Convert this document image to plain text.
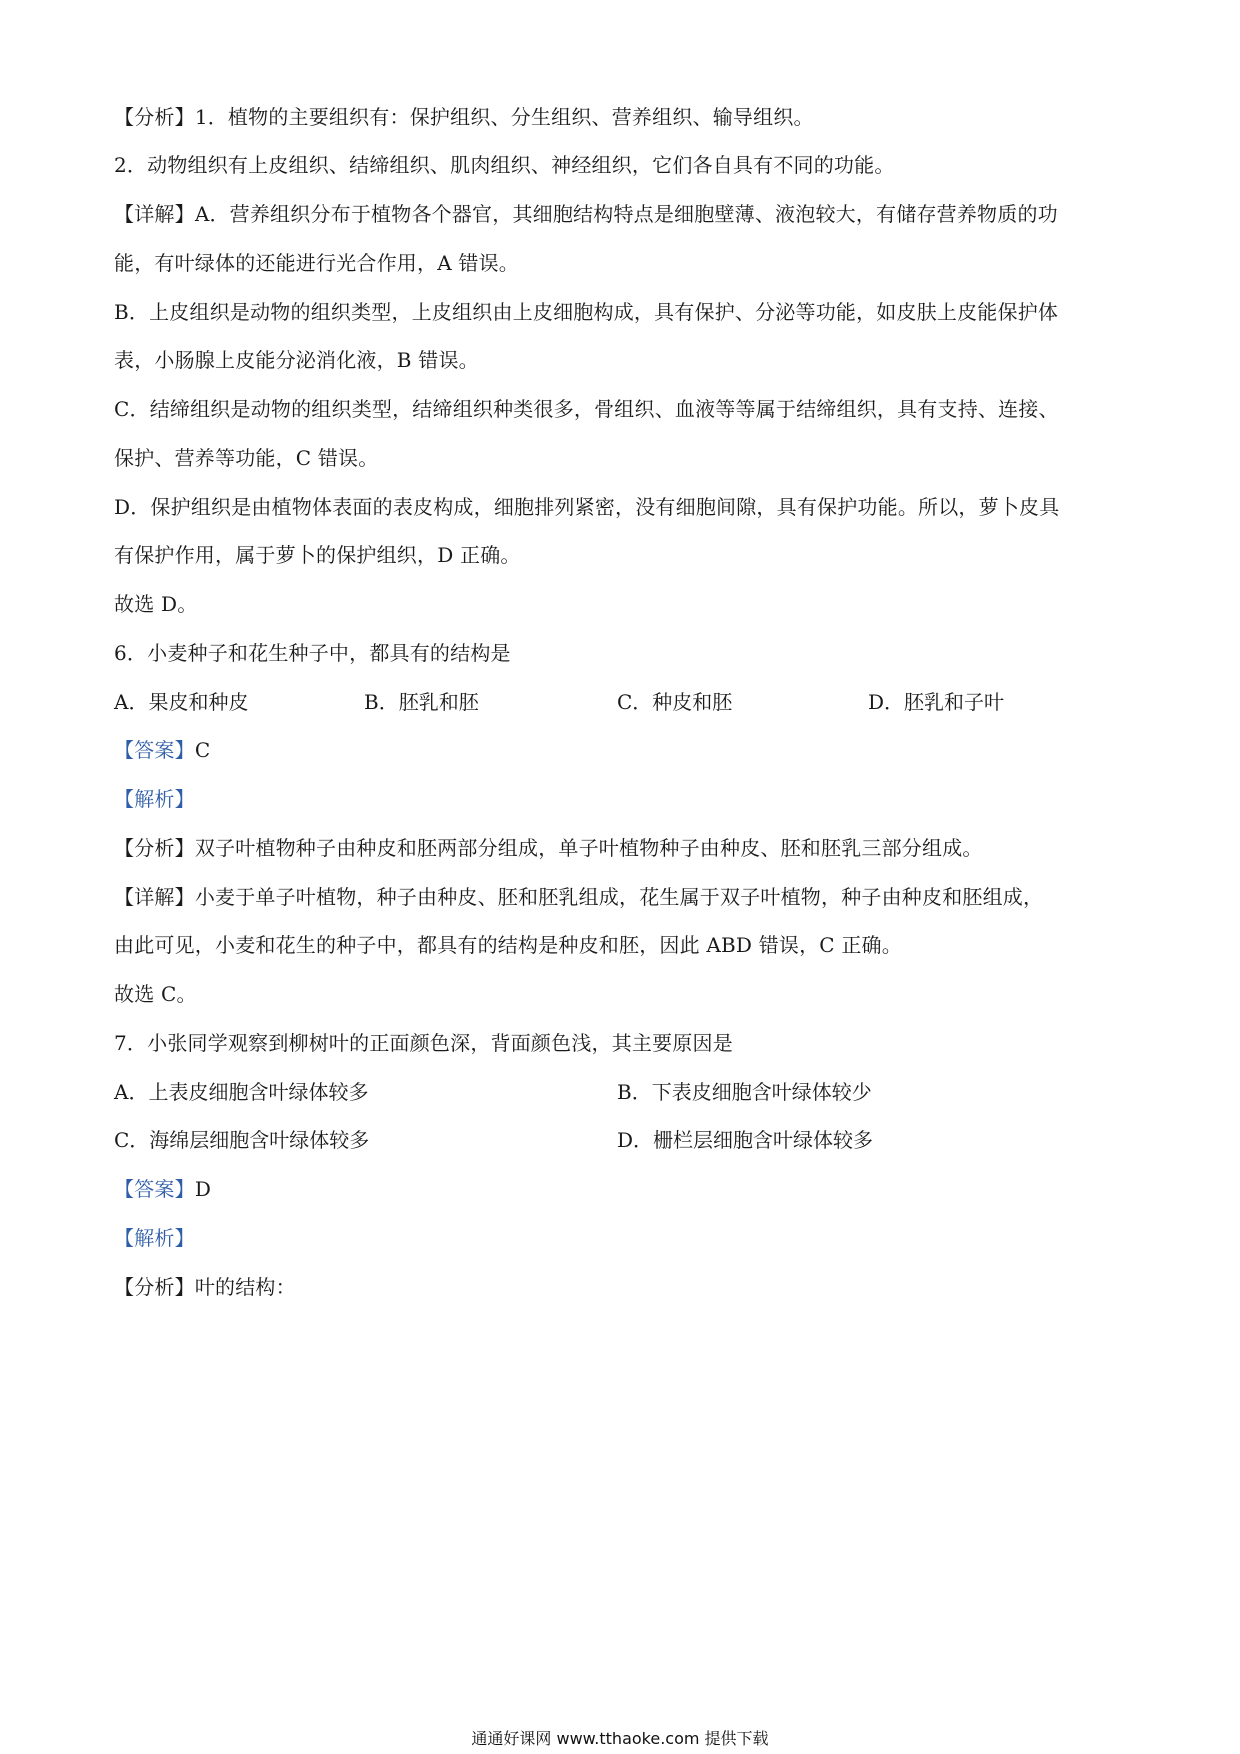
【分析】1．植物的主要组织有：保护组织、分生组织、营养组织、输导组织。
2．动物组织有上皮组织、结缔组织、肌肉组织、神经组织，它们各自具有不同的功能。
【详解】A．营养组织分布于植物各个器官，其细胞结构特点是细胞壁薄、液泡较大，有储存营养物质的功
能，有叶绿体的还能进行光合作用，A 错误。
B．上皮组织是动物的组织类型，上皮组织由上皮细胞构成，具有保护、分泌等功能，如皮肤上皮能保护体
表，小肠腺上皮能分泌消化液，B 错误。
C．结缔组织是动物的组织类型，结缔组织种类很多，骨组织、血液等等属于结缔组织，具有支持、连接、
保护、营养等功能，C 错误。
D．保护组织是由植物体表面的表皮构成，细胞排列紧密，没有细胞间隙，具有保护功能。所以，萝卜皮具
有保护作用，属于萝卜的保护组织，D 正确。
故选 D。
6．小麦种子和花生种子中，都具有的结构是
A．果皮和种皮	B．胚乳和胚	C．种皮和胚	D．胚乳和子叶
【答案】C
【解析】
【分析】双子叶植物种子由种皮和胚两部分组成，单子叶植物种子由种皮、胚和胚乳三部分组成。
【详解】小麦于单子叶植物，种子由种皮、胚和胚乳组成，花生属于双子叶植物，种子由种皮和胚组成，
由此可见，小麦和花生的种子中，都具有的结构是种皮和胚，因此 ABD 错误，C 正确。
故选 C。
7．小张同学观察到柳树叶的正面颜色深，背面颜色浅，其主要原因是
A．上表皮细胞含叶绿体较多	B．下表皮细胞含叶绿体较少
C．海绵层细胞含叶绿体较多	D．栅栏层细胞含叶绿体较多
【答案】D
【解析】
【分析】叶的结构：
通通好课网 www.tthaoke.com 提供下载
